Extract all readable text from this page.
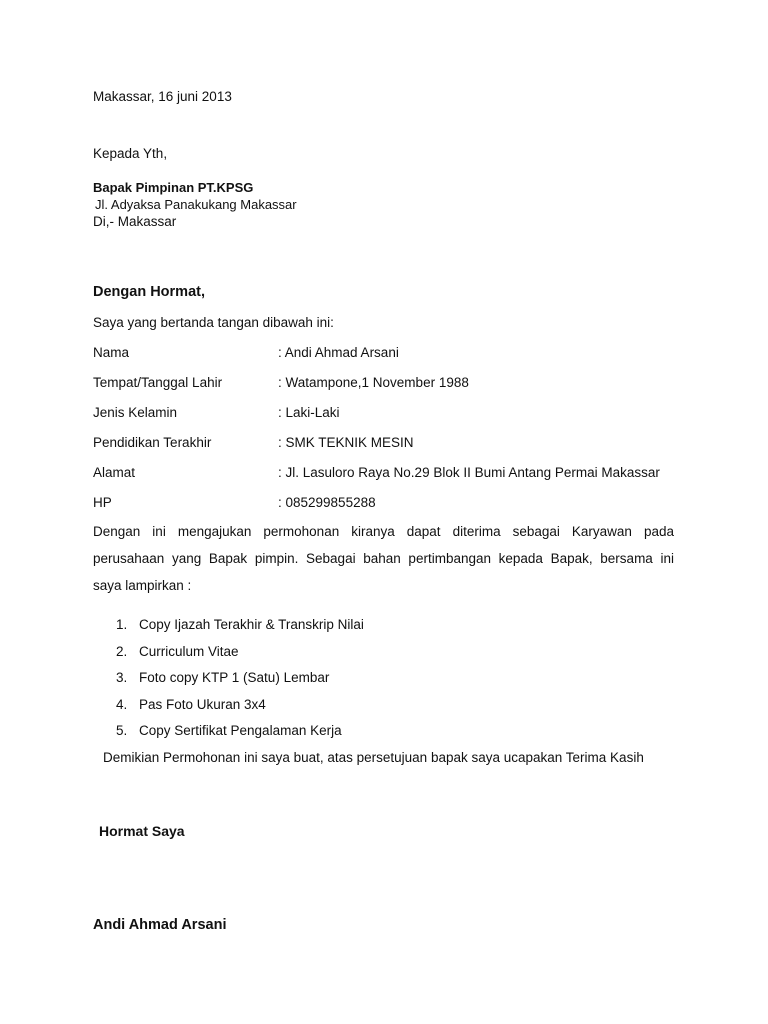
Makassar, 16 juni 2013
Kepada Yth,
Bapak Pimpinan PT.KPSG
Jl. Adyaksa Panakukang Makassar
Di,- Makassar
Dengan Hormat,
Saya yang bertanda tangan dibawah ini:
Nama	: Andi Ahmad Arsani
Tempat/Tanggal Lahir	: Watampone,1 November 1988
Jenis Kelamin	: Laki-Laki
Pendidikan Terakhir	: SMK TEKNIK MESIN
Alamat	: Jl. Lasuloro Raya No.29 Blok II Bumi Antang Permai Makassar
HP	: 085299855288
Dengan ini mengajukan permohonan kiranya dapat diterima sebagai Karyawan pada
perusahaan yang Bapak pimpin. Sebagai bahan pertimbangan kepada Bapak, bersama ini
saya lampirkan :
1. Copy Ijazah Terakhir & Transkrip Nilai
2. Curriculum Vitae
3. Foto copy KTP 1 (Satu) Lembar
4. Pas Foto Ukuran 3x4
5. Copy Sertifikat Pengalaman Kerja
Demikian Permohonan ini saya buat, atas persetujuan bapak saya ucapakan Terima Kasih
Hormat Saya
Andi Ahmad Arsani
